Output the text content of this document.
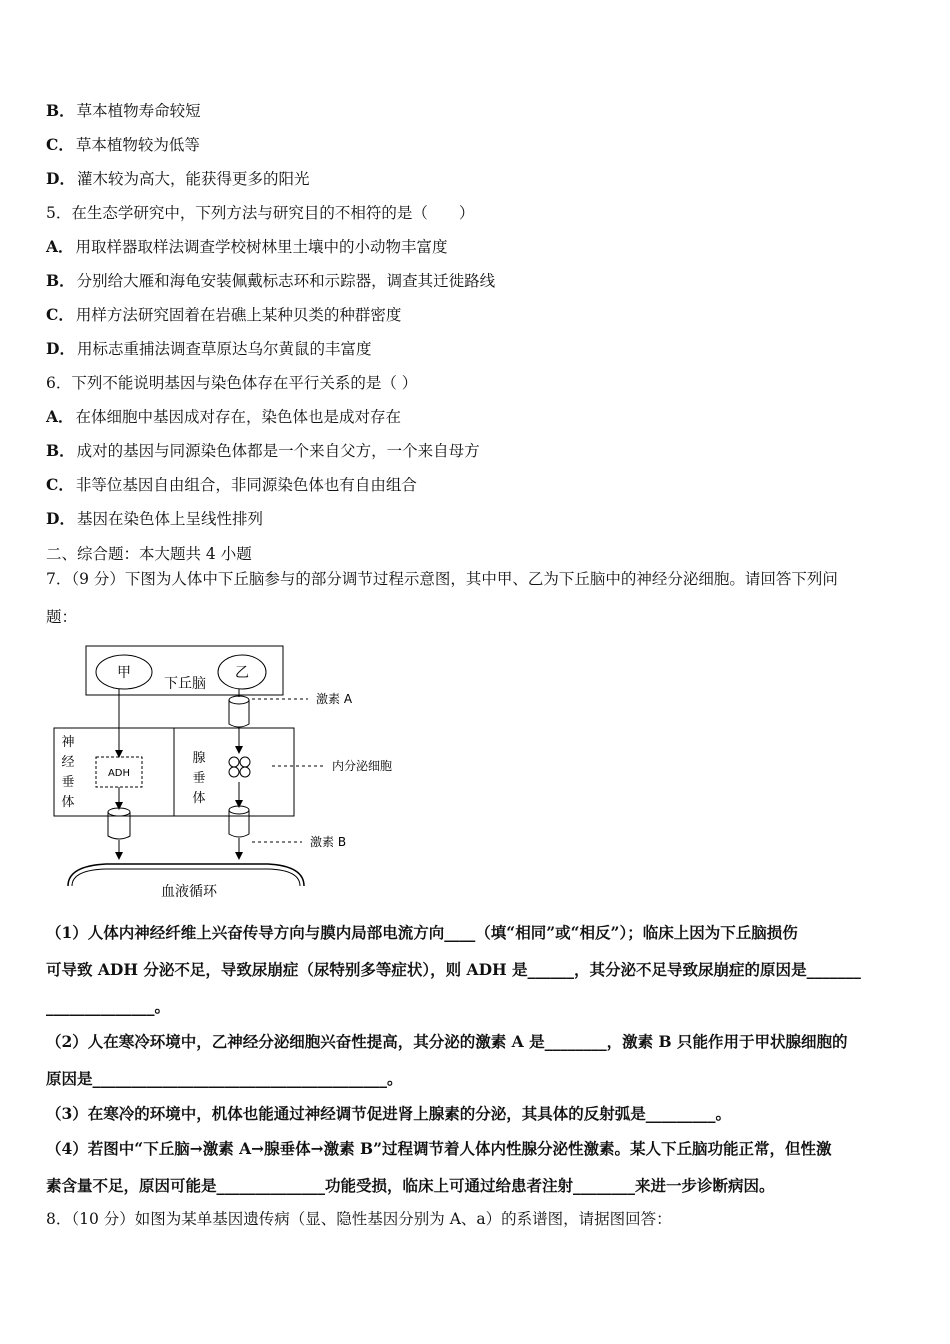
B． 草本植物寿命较短
C． 草本植物较为低等
D． 灌木较为高大，能获得更多的阳光
5．在生态学研究中，下列方法与研究目的不相符的是（　　）
A． 用取样器取样法调查学校树林里土壤中的小动物丰富度
B． 分别给大雁和海龟安装佩戴标志环和示踪器，调查其迁徙路线
C． 用样方法研究固着在岩礁上某种贝类的种群密度
D． 用标志重捕法调查草原达乌尔黄鼠的丰富度
6．下列不能说明基因与染色体存在平行关系的是（ ）
A． 在体细胞中基因成对存在，染色体也是成对存在
B． 成对的基因与同源染色体都是一个来自父方，一个来自母方
C． 非等位基因自由组合，非同源染色体也有自由组合
D． 基因在染色体上呈线性排列
二、综合题：本大题共 4 小题
7．（9 分）下图为人体中下丘脑参与的部分调节过程示意图，其中甲、乙为下丘脑中的神经分泌细胞。请回答下列问
题：
甲	乙
下丘脑
神
经
垂
体
腺
垂
体
ADH
激素 A
内分泌细胞
激素 B
血液循环
（1）人体内神经纤维上兴奋传导方向与膜内局部电流方向____（填“相同”或“相反”）；临床上因为下丘脑损伤
可导致 ADH 分泌不足，导致尿崩症（尿特别多等症状），则 ADH 是______，其分泌不足导致尿崩症的原因是_______
______________。
（2）人在寒冷环境中，乙神经分泌细胞兴奋性提高，其分泌的激素 A 是________，激素 B 只能作用于甲状腺细胞的
原因是______________________________________。
（3）在寒冷的环境中，机体也能通过神经调节促进肾上腺素的分泌，其具体的反射弧是_________。
（4）若图中“下丘脑→激素 A→腺垂体→激素 B”过程调节着人体内性腺分泌性激素。某人下丘脑功能正常，但性激
素含量不足，原因可能是______________功能受损，临床上可通过给患者注射________来进一步诊断病因。
8．（10 分）如图为某单基因遗传病（显、隐性基因分别为 A、a）的系谱图，请据图回答：
